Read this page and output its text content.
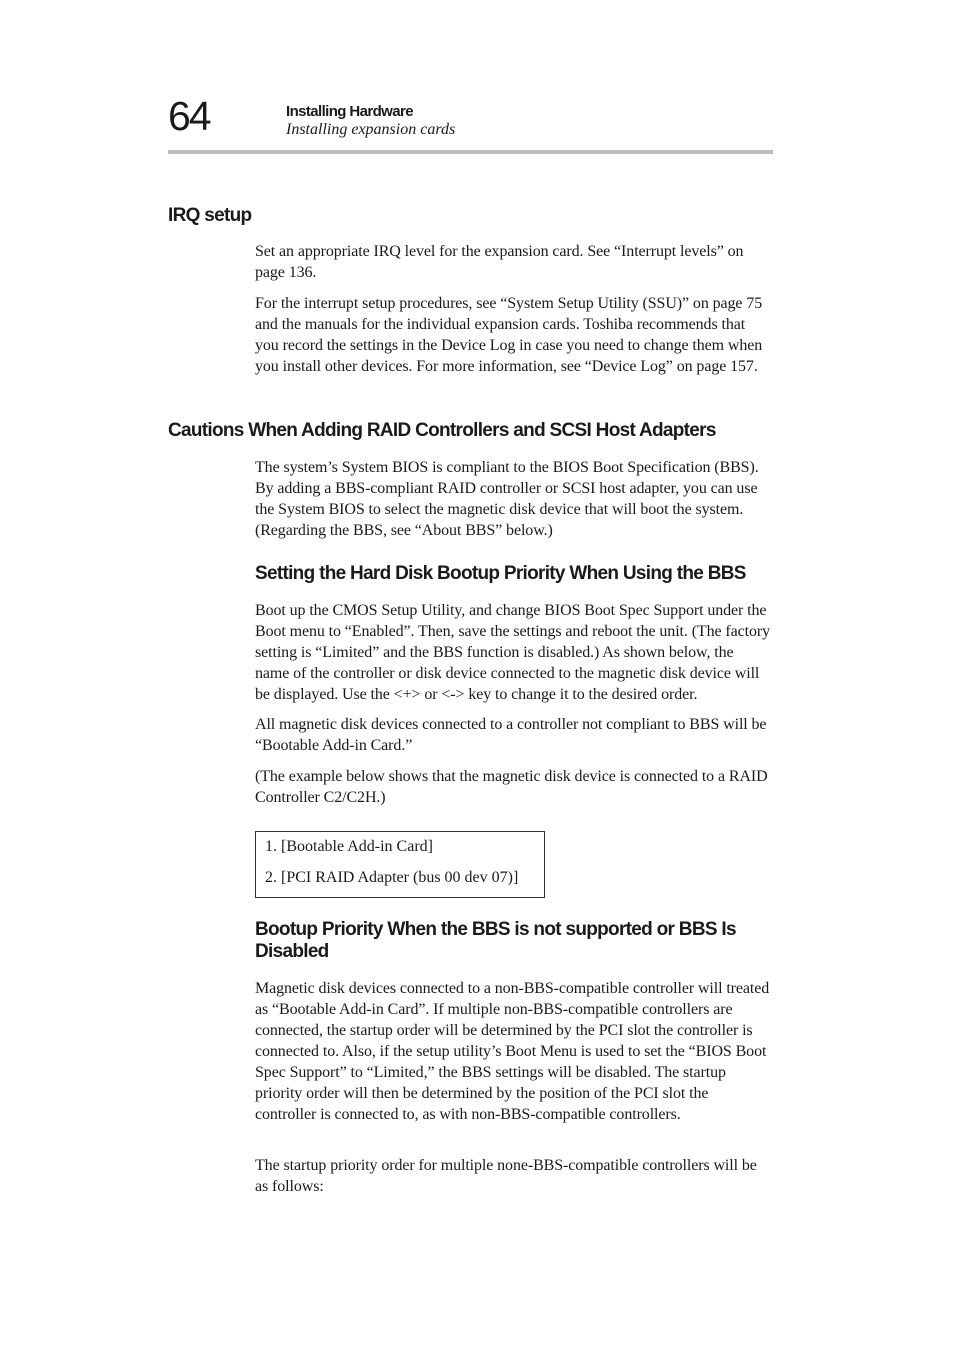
64	Installing Hardware
Installing expansion cards
IRQ setup

Set an appropriate IRQ level for the expansion card. See “Interrupt levels” on page 136.

For the interrupt setup procedures, see “System Setup Utility (SSU)” on page 75 and the manuals for the individual expansion cards. Toshiba recommends that you record the settings in the Device Log in case you need to change them when you install other devices. For more information, see “Device Log” on page 157.

Cautions When Adding RAID Controllers and SCSI Host Adapters

The system’s System BIOS is compliant to the BIOS Boot Specification (BBS). By adding a BBS-compliant RAID controller or SCSI host adapter, you can use the System BIOS to select the magnetic disk device that will boot the system. (Regarding the BBS, see “About BBS” below.)

Setting the Hard Disk Bootup Priority When Using the BBS

Boot up the CMOS Setup Utility, and change BIOS Boot Spec Support under the Boot menu to “Enabled”. Then, save the settings and reboot the unit. (The factory setting is “Limited” and the BBS function is disabled.) As shown below, the name of the controller or disk device connected to the magnetic disk device will be displayed. Use the <+> or <-> key to change it to the desired order.

All magnetic disk devices connected to a controller not compliant to BBS will be “Bootable Add-in Card.”

(The example below shows that the magnetic disk device is connected to a RAID Controller C2/C2H.)

1. [Bootable Add-in Card]
2. [PCI RAID Adapter (bus 00 dev 07)]
Bootup Priority When the BBS is not supported or BBS Is Disabled

Magnetic disk devices connected to a non-BBS-compatible controller will treated as “Bootable Add-in Card”. If multiple non-BBS-compatible controllers are connected, the startup order will be determined by the PCI slot the controller is connected to. Also, if the setup utility’s Boot Menu is used to set the “BIOS Boot Spec Support” to “Limited,” the BBS settings will be disabled. The startup priority order will then be determined by the position of the PCI slot the controller is connected to, as with non-BBS-compatible controllers.

The startup priority order for multiple none-BBS-compatible controllers will be as follows:
